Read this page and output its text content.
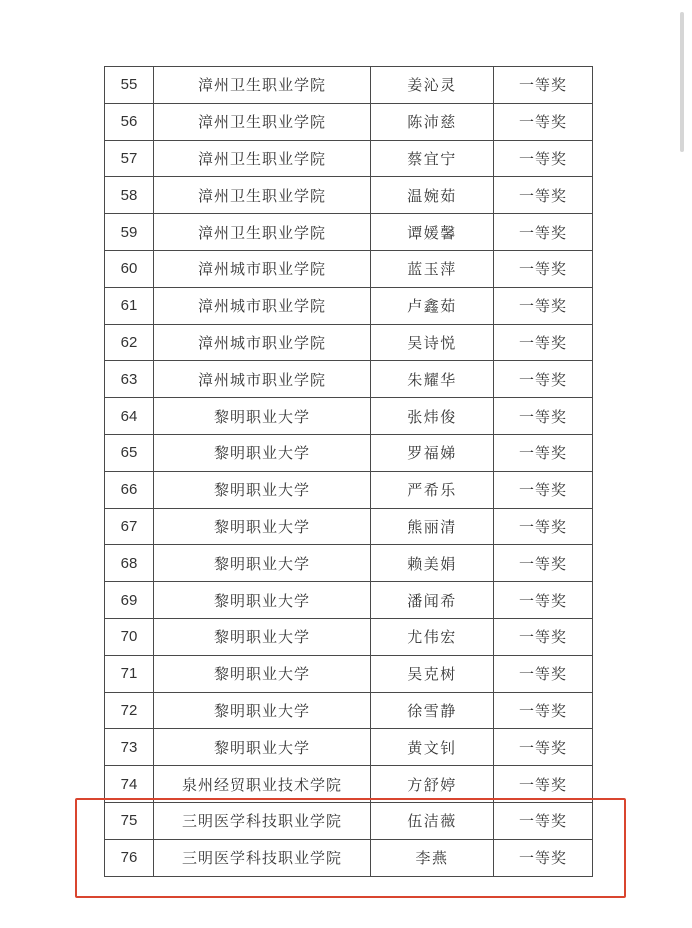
55	漳州卫生职业学院	姜沁灵	一等奖
56	漳州卫生职业学院	陈沛慈	一等奖
57	漳州卫生职业学院	蔡宜宁	一等奖
58	漳州卫生职业学院	温婉茹	一等奖
59	漳州卫生职业学院	谭媛馨	一等奖
60	漳州城市职业学院	蓝玉萍	一等奖
61	漳州城市职业学院	卢鑫茹	一等奖
62	漳州城市职业学院	吴诗悦	一等奖
63	漳州城市职业学院	朱耀华	一等奖
64	黎明职业大学	张炜俊	一等奖
65	黎明职业大学	罗福娣	一等奖
66	黎明职业大学	严希乐	一等奖
67	黎明职业大学	熊丽清	一等奖
68	黎明职业大学	赖美娟	一等奖
69	黎明职业大学	潘闻希	一等奖
70	黎明职业大学	尤伟宏	一等奖
71	黎明职业大学	吴克树	一等奖
72	黎明职业大学	徐雪静	一等奖
73	黎明职业大学	黄文钊	一等奖
74	泉州经贸职业技术学院	方舒婷	一等奖
75	三明医学科技职业学院	伍洁薇	一等奖
76	三明医学科技职业学院	李燕	一等奖
